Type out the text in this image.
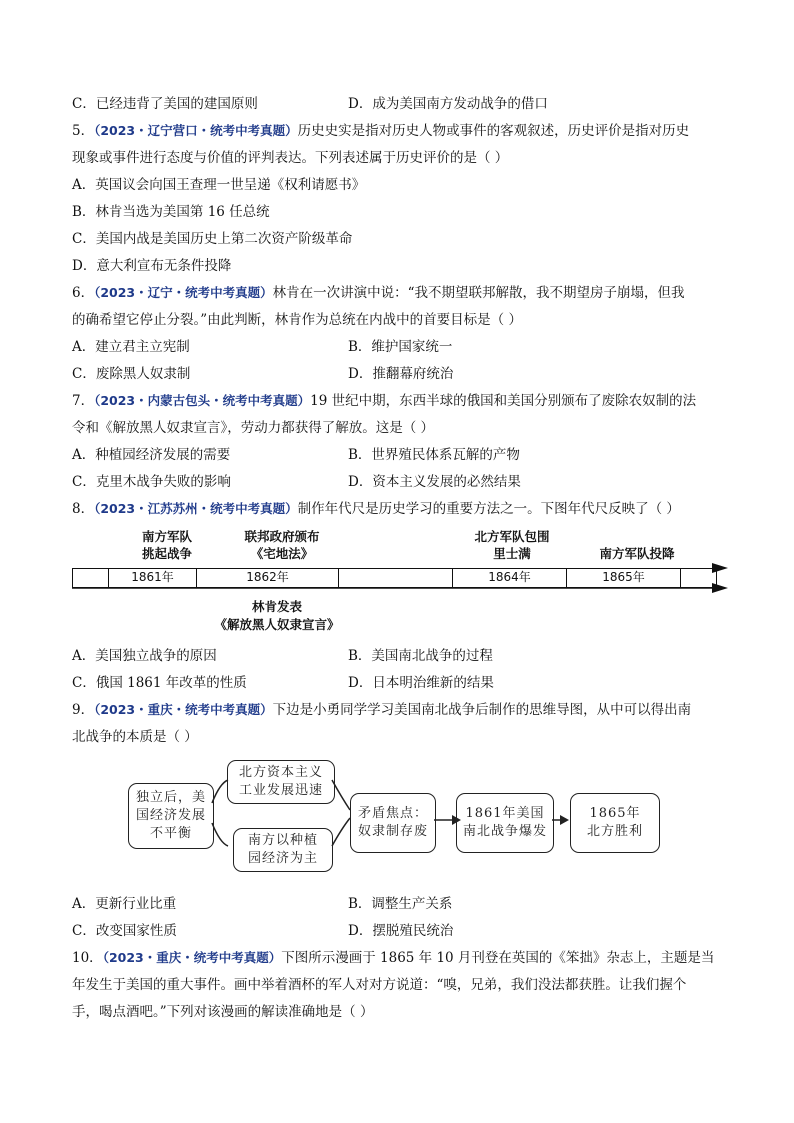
C．已经违背了美国的建国原则	D．成为美国南方发动战争的借口
5．（2023・辽宁营口・统考中考真题）历史史实是指对历史人物或事件的客观叙述，历史评价是指对历史
现象或事件进行态度与价值的评判表达。下列表述属于历史评价的是（ ）
A．英国议会向国王查理一世呈递《权利请愿书》
B．林肯当选为美国第 16 任总统
C．美国内战是美国历史上第二次资产阶级革命
D．意大利宣布无条件投降
6．（2023・辽宁・统考中考真题）林肯在一次讲演中说：“我不期望联邦解散，我不期望房子崩塌，但我
的确希望它停止分裂。”由此判断，林肯作为总统在内战中的首要目标是（ ）
A．建立君主立宪制	B．维护国家统一
C．废除黑人奴隶制	D．推翻幕府统治
7．（2023・内蒙古包头・统考中考真题）19 世纪中期，东西半球的俄国和美国分别颁布了废除农奴制的法
令和《解放黑人奴隶宣言》，劳动力都获得了解放。这是（ ）
A．种植园经济发展的需要	B．世界殖民体系瓦解的产物
C．克里木战争失败的影响	D．资本主义发展的必然结果
8．（2023・江苏苏州・统考中考真题）制作年代尺是历史学习的重要方法之一。下图年代尺反映了（ ）
南方军队
挑起战争
联邦政府颁布
《宅地法》
北方军队包围
里士满	南方军队投降
1861年	1862年	1864年	1865年
林肯发表
《解放黑人奴隶宣言》
A．美国独立战争的原因	B．美国南北战争的过程
C．俄国 1861 年改革的性质	D．日本明治维新的结果
9．（2023・重庆・统考中考真题）下边是小勇同学学习美国南北战争后制作的思维导图，从中可以得出南
北战争的本质是（ ）
独立后，美
国经济发展
不平衡
北方资本主义
工业发展迅速
南方以种植
园经济为主
矛盾焦点：
奴隶制存废
1861年美国
南北战争爆发
1865年
北方胜利
A．更新行业比重	B．调整生产关系
C．改变国家性质	D．摆脱殖民统治
10．（2023・重庆・统考中考真题）下图所示漫画于 1865 年 10 月刊登在英国的《笨拙》杂志上，主题是当
年发生于美国的重大事件。画中举着酒杯的军人对对方说道：“嗅，兄弟，我们没法都获胜。让我们握个
手，喝点酒吧。”下列对该漫画的解读准确地是（ ）
